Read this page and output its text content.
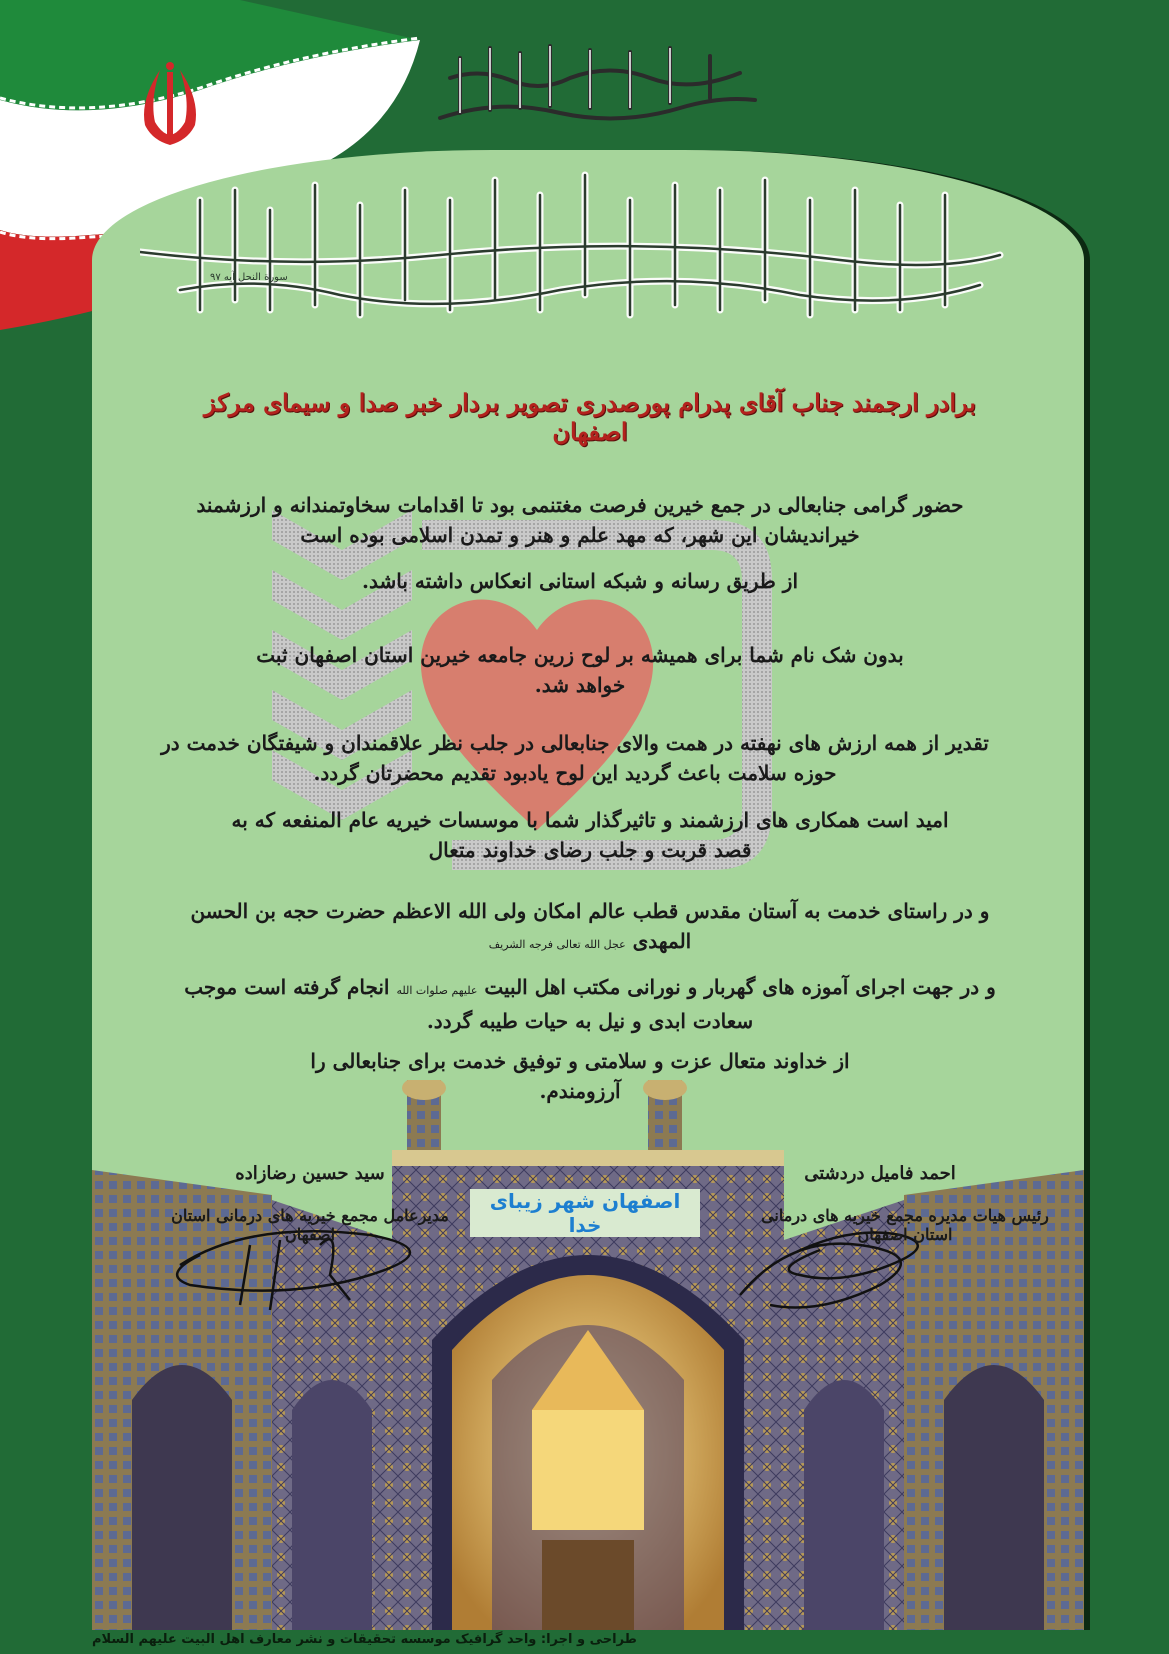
سورة النحل آيه ۹۷
برادر ارجمند جناب آقای پدرام پورصدری تصویر بردار خبر صدا و سیمای مرکز اصفهان
حضور گرامی جنابعالی در جمع خیرین فرصت مغتنمی بود تا اقدامات سخاوتمندانه و ارزشمند خیراندیشان این شهر، که مهد علم و هنر و تمدن اسلامی بوده است
از طریق رسانه و شبکه استانی انعکاس داشته باشد.
بدون شک نام شما برای همیشه بر لوح زرین جامعه خیرین استان اصفهان ثبت خواهد شد.
تقدیر از همه ارزش های نهفته در همت والای جنابعالی در جلب نظر علاقمندان و شیفتگان خدمت در حوزه سلامت باعث گردید این لوح یادبود تقدیم محضرتان گردد.
امید است همکاری های ارزشمند و تاثیرگذار شما با موسسات خیریه عام المنفعه که به قصد قربت و جلب رضای خداوند متعال
و در راستای خدمت به آستان مقدس قطب عالم امکان ولی الله الاعظم حضرت حجه بن الحسن المهدی عجل الله تعالی فرجه الشریف
و در جهت اجرای آموزه های گهربار و نورانی مکتب اهل البیت علیهم صلوات الله انجام گرفته است موجب سعادت ابدی و نیل به حیات طیبه گردد.
از خداوند متعال عزت و سلامتی و توفیق خدمت برای جنابعالی را آرزومندم.
سید حسین رضازاده
مدیرعامل مجمع خیریه های درمانی استان اصفهان
احمد فامیل دردشتی
رئیس هیات مدیره مجمع خیریه های درمانی استان اصفهان
اصفهان شهر زیبای خدا
طراحی و اجرا: واحد گرافیک موسسه تحقیقات و نشر معارف اهل البیت علیهم السلام
